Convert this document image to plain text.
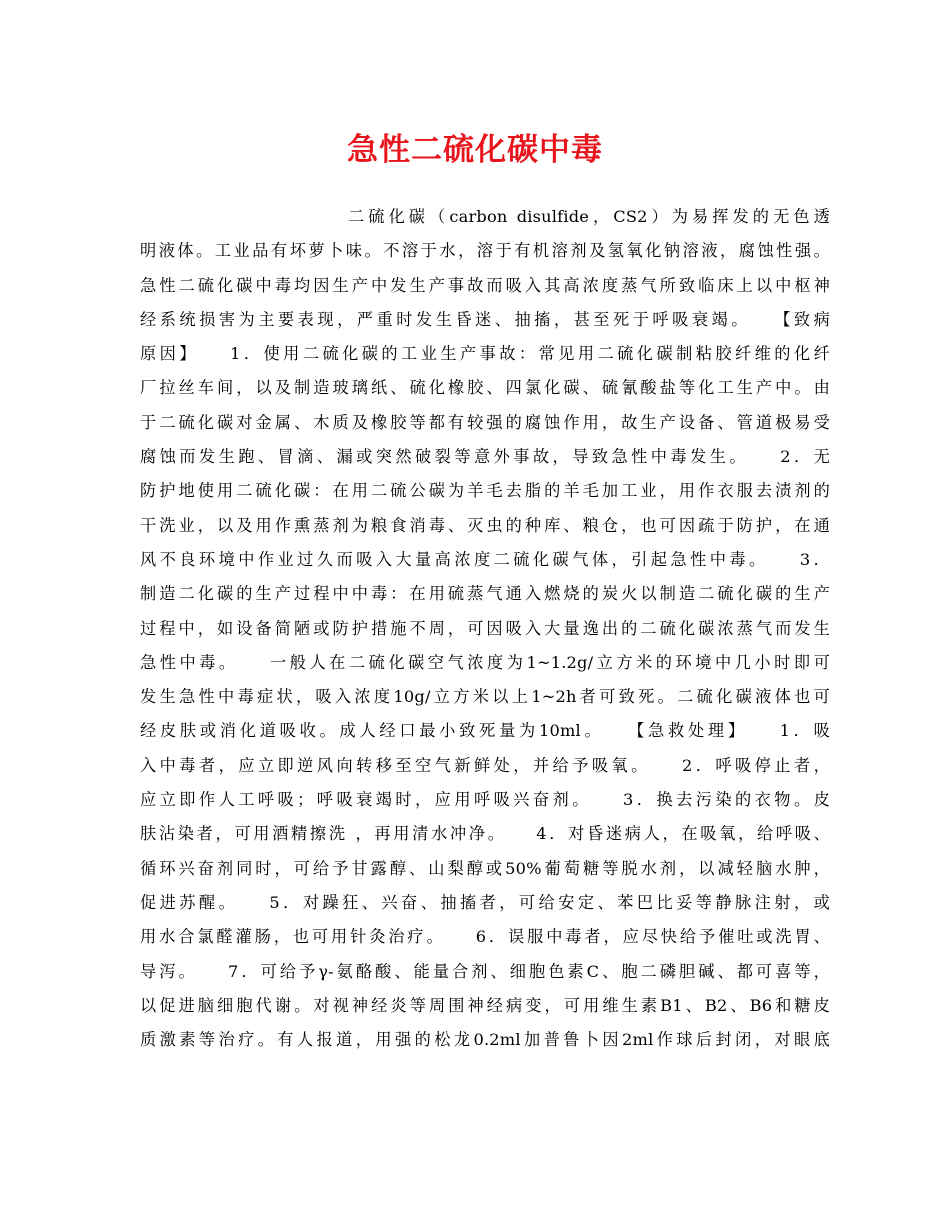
急性二硫化碳中毒
二硫化碳（carbon disulfide，CS2）为易挥发的无色透
明液体。工业品有坏萝卜味。不溶于水，溶于有机溶剂及氢氧化钠溶液，腐蚀性强。
急性二硫化碳中毒均因生产中发生产事故而吸入其高浓度蒸气所致临床上以中枢神
经系统损害为主要表现，严重时发生昏迷、抽搐，甚至死于呼吸衰竭。　　【致病
原因】　　1．使用二硫化碳的工业生产事故：常见用二硫化碳制粘胶纤维的化纤
厂拉丝车间，以及制造玻璃纸、硫化橡胶、四氯化碳、硫氰酸盐等化工生产中。由
于二硫化碳对金属、木质及橡胶等都有较强的腐蚀作用，故生产设备、管道极易受
腐蚀而发生跑、冒滴、漏或突然破裂等意外事故，导致急性中毒发生。　　2．无
防护地使用二硫化碳：在用二硫公碳为羊毛去脂的羊毛加工业，用作衣服去渍剂的
干洗业，以及用作熏蒸剂为粮食消毒、灭虫的种库、粮仓，也可因疏于防护，在通
风不良环境中作业过久而吸入大量高浓度二硫化碳气体，引起急性中毒。　　3．
制造二化碳的生产过程中中毒：在用硫蒸气通入燃烧的炭火以制造二硫化碳的生产
过程中，如设备简陋或防护措施不周，可因吸入大量逸出的二硫化碳浓蒸气而发生
急性中毒。　　一般人在二硫化碳空气浓度为1~1.2g/立方米的环境中几小时即可
发生急性中毒症状，吸入浓度10g/立方米以上1~2h者可致死。二硫化碳液体也可
经皮肤或消化道吸收。成人经口最小致死量为10ml。　　【急救处理】　　1．吸
入中毒者，应立即逆风向转移至空气新鲜处，并给予吸氧。　　2．呼吸停止者，
应立即作人工呼吸；呼吸衰竭时，应用呼吸兴奋剂。　　3．换去污染的衣物。皮
肤沾染者，可用酒精擦洗 ，再用清水冲净。　　4．对昏迷病人，在吸氧，给呼吸、
循环兴奋剂同时，可给予甘露醇、山梨醇或50%葡萄糖等脱水剂，以减轻脑水肿，
促进苏醒。　　5．对躁狂、兴奋、抽搐者，可给安定、苯巴比妥等静脉注射，或
用水合氯醛灌肠，也可用针灸治疗。　　6．误服中毒者，应尽快给予催吐或洗胃、
导泻。　　7．可给予γ-氨酪酸、能量合剂、细胞色素C、胞二磷胆碱、都可喜等，
以促进脑细胞代谢。对视神经炎等周围神经病变，可用维生素B1、B2、B6和糖皮
质激素等治疗。有人报道，用强的松龙0.2ml加普鲁卜因2ml作球后封闭，对眼底
